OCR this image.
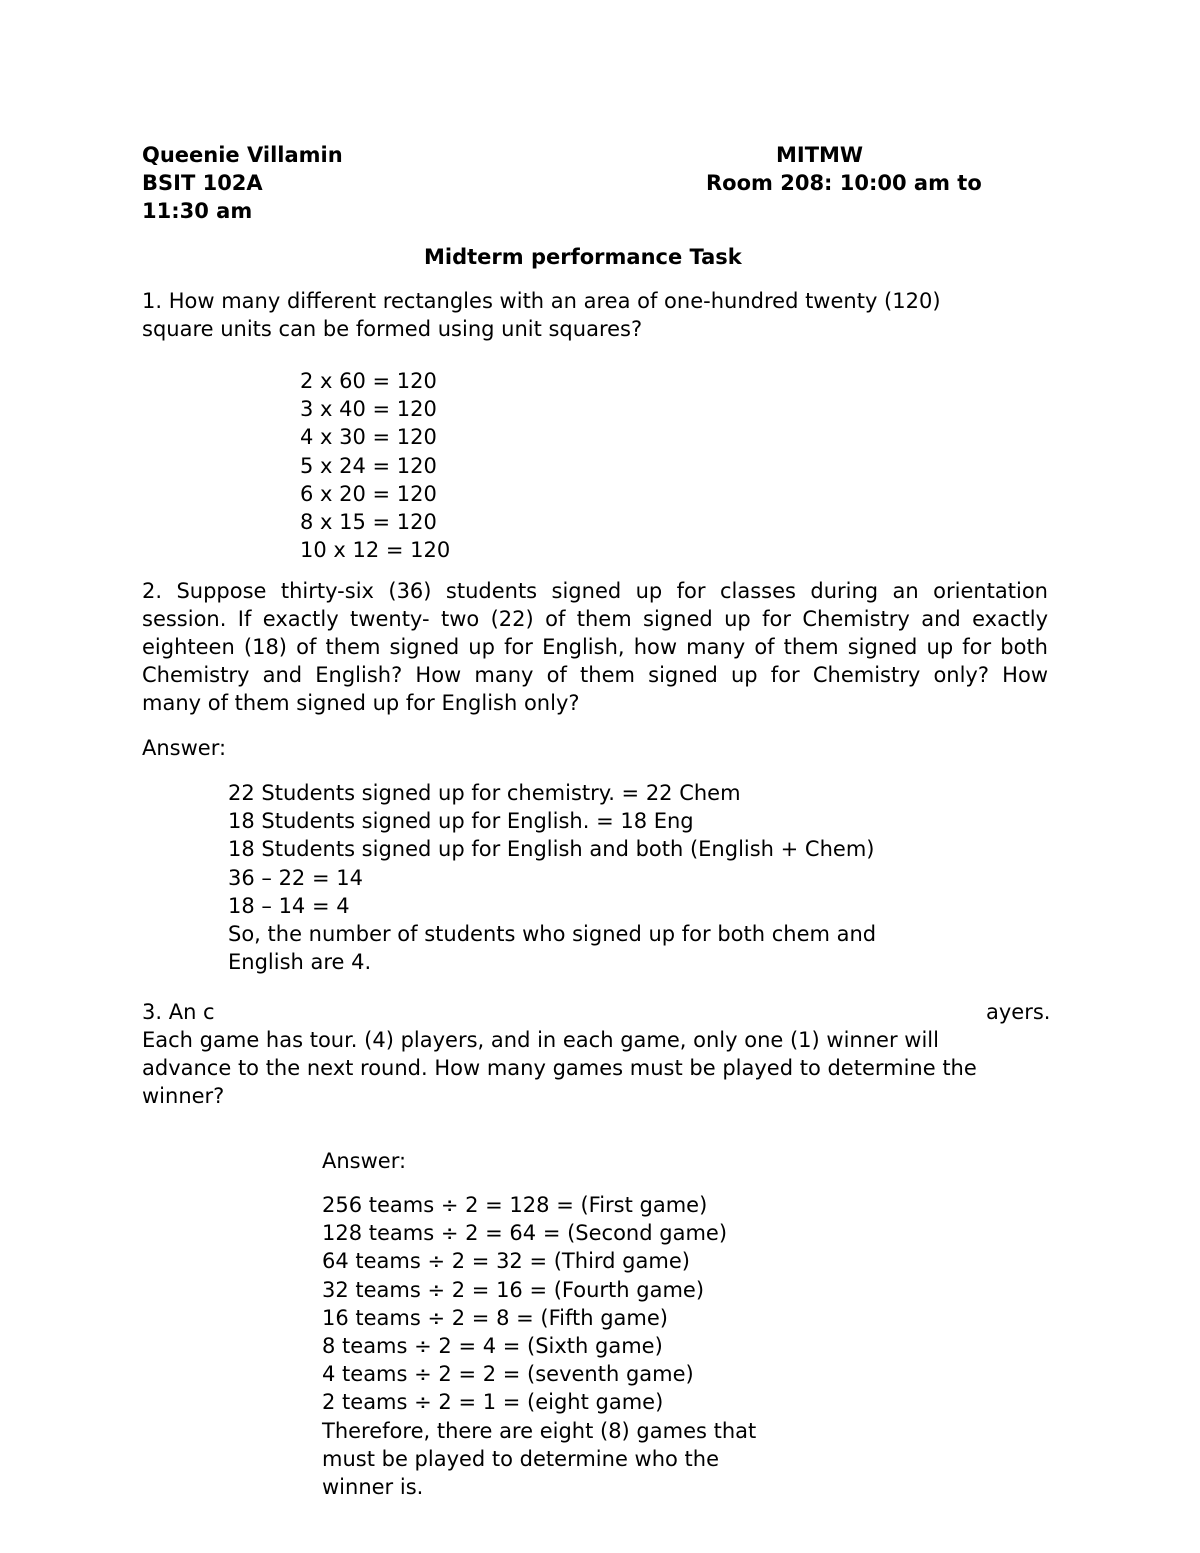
Queenie Villamin	MITMW
BSIT 102A	Room 208: 10:00 am to
11:30 am
Midterm performance Task
1. How many different rectangles with an area of one-hundred twenty (120)
square units can be formed using unit squares?
2 x 60 = 120
3 x 40 = 120
4 x 30 = 120
5 x 24 = 120
6 x 20 = 120
8 x 15 = 120
10 x 12 = 120
2. Suppose thirty-six (36) students signed up for classes during an orientation
session. If exactly twenty- two (22) of them signed up for Chemistry and exactly
eighteen (18) of them signed up for English, how many of them signed up for both
Chemistry and English? How many of them signed up for Chemistry only? How
many of them signed up for English only?
Answer:
22 Students signed up for chemistry. = 22 Chem
18 Students signed up for English. = 18 Eng
18 Students signed up for English and both (English + Chem)
36 – 22 = 14
18 – 14 = 4
So, the number of students who signed up for both chem and
English are 4.
3. An c	ayers.
Each game has tour. (4) players, and in each game, only one (1) winner will
advance to the next round. How many games must be played to determine the
winner?
Answer:
256 teams ÷ 2 = 128 = (First game)
128 teams ÷ 2 = 64 = (Second game)
64 teams ÷ 2 = 32 = (Third game)
32 teams ÷ 2 = 16 = (Fourth game)
16 teams ÷ 2 = 8 = (Fifth game)
8 teams ÷ 2 = 4 = (Sixth game)
4 teams ÷ 2 = 2 = (seventh game)
2 teams ÷ 2 = 1 = (eight game)
Therefore, there are eight (8) games that
must be played to determine who the
winner is.
